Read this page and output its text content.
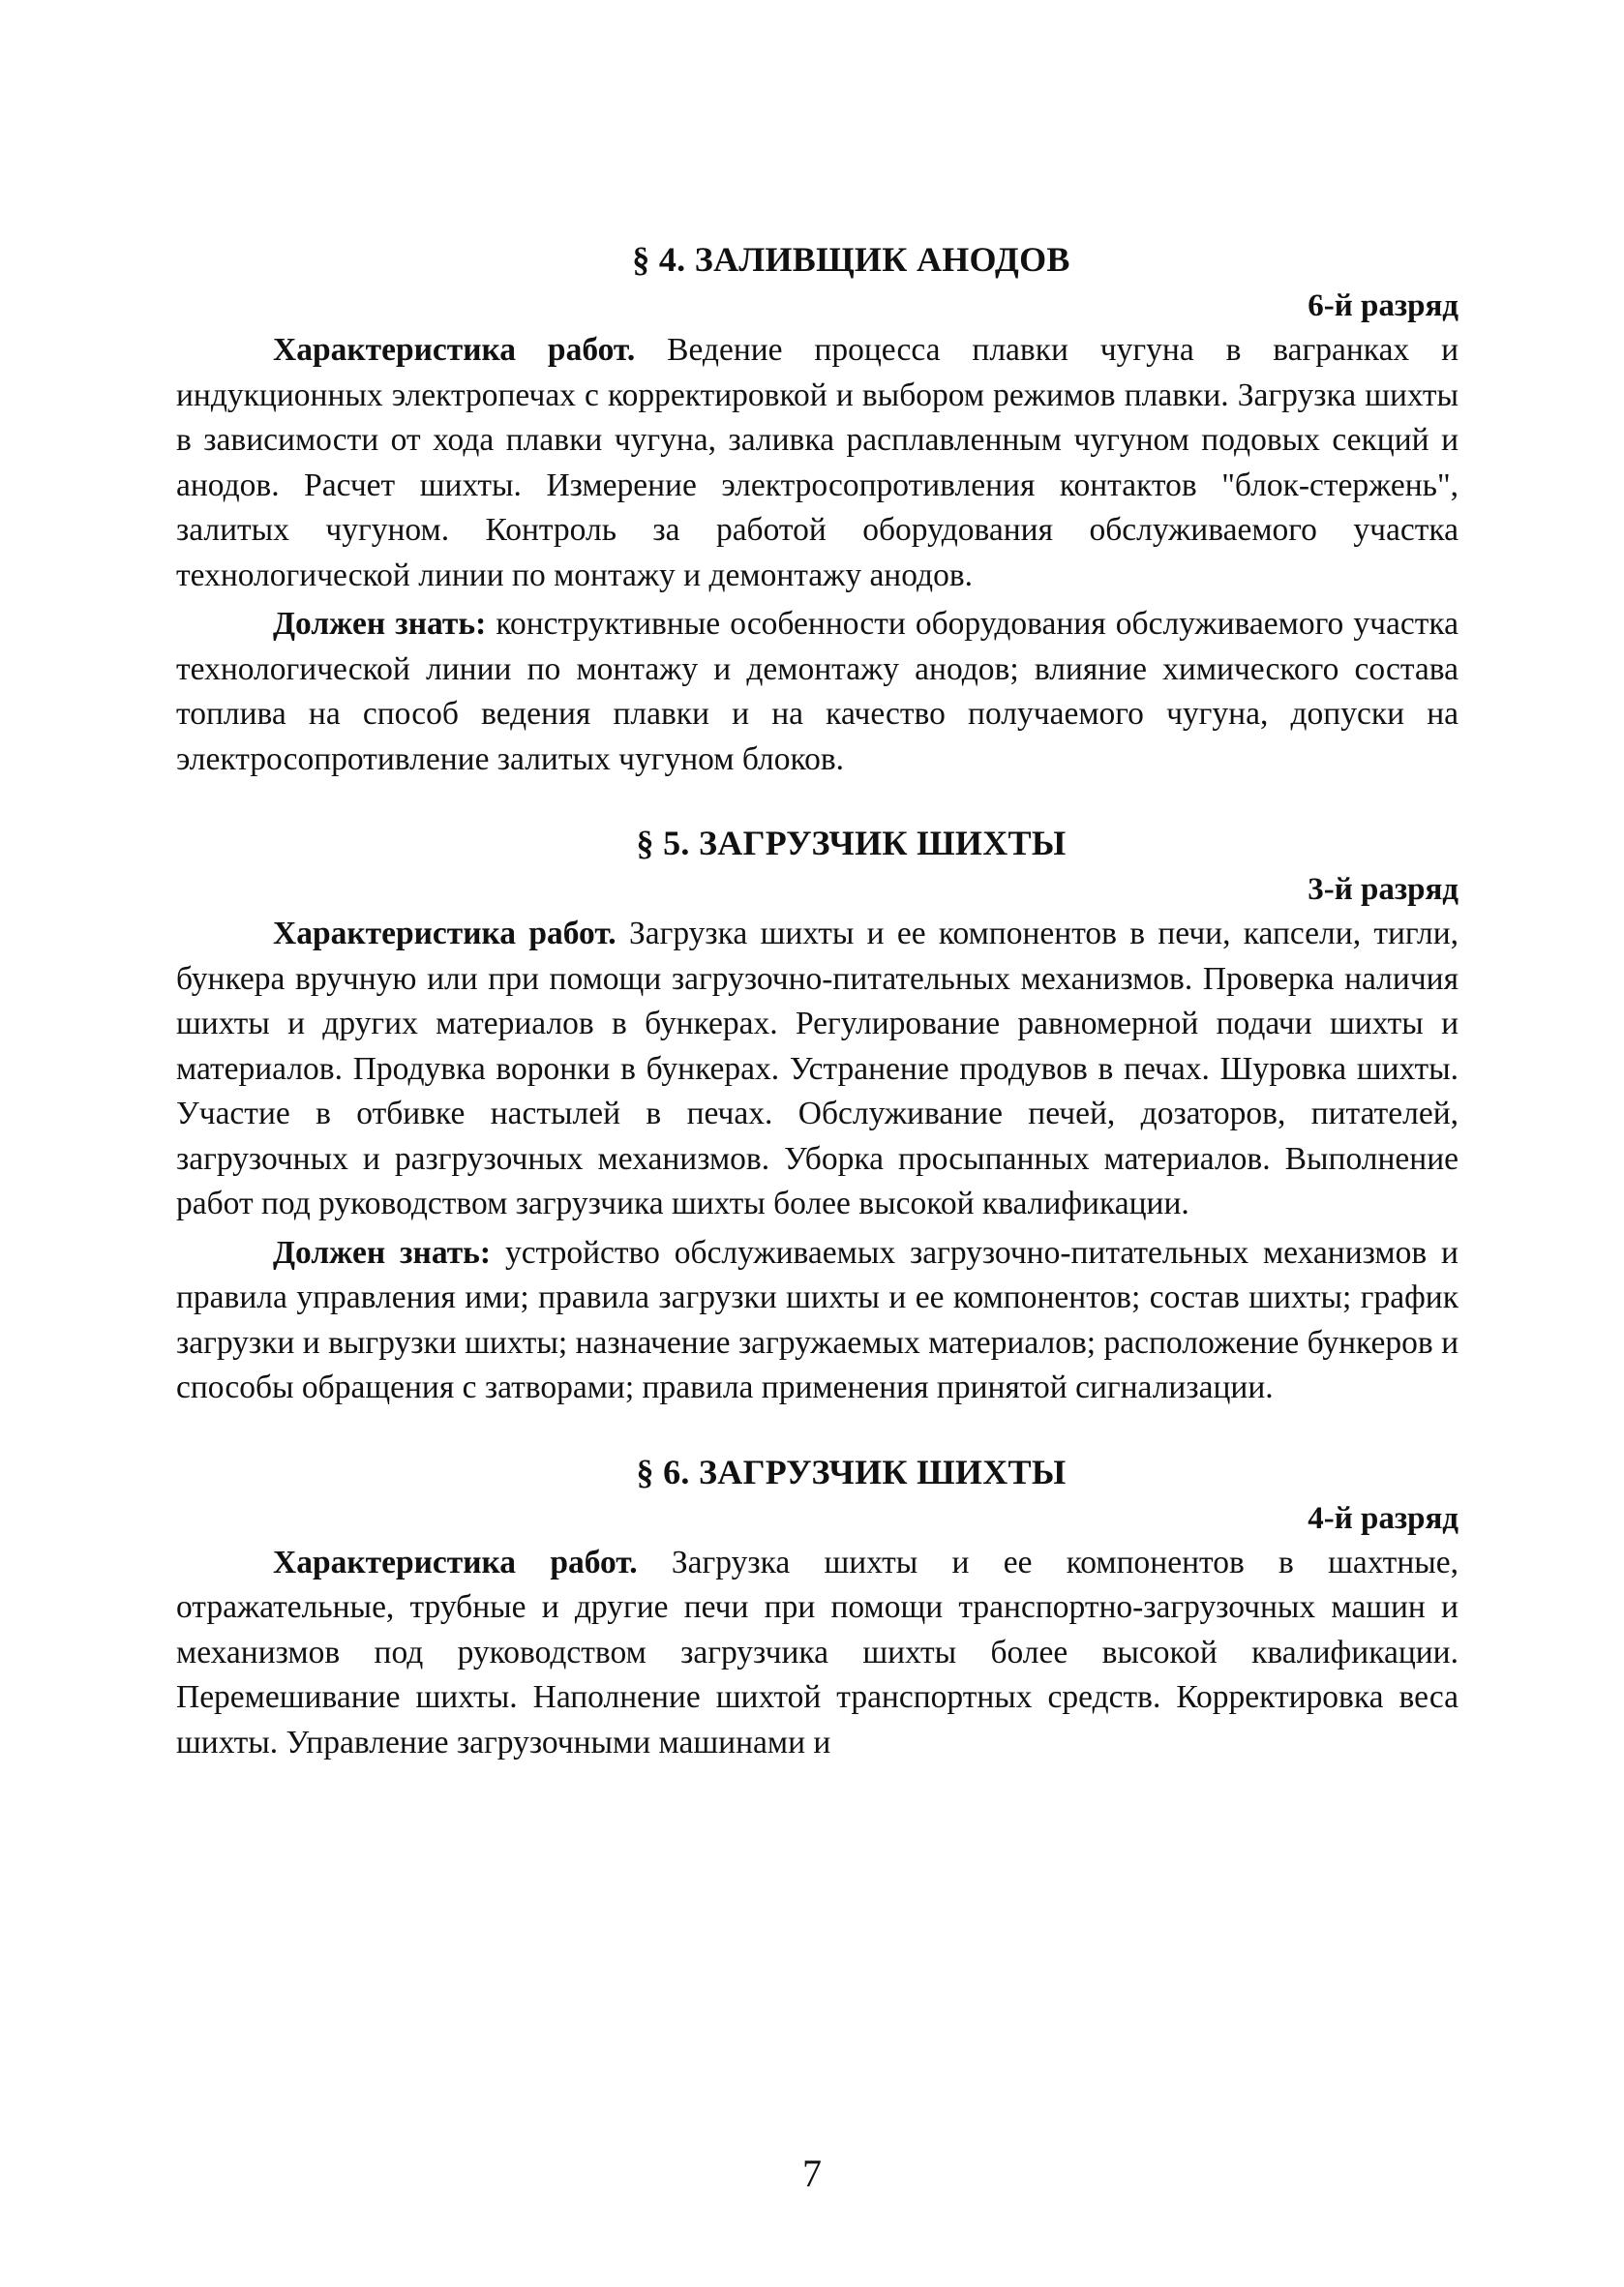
§ 4. ЗАЛИВЩИК АНОДОВ
6-й разряд

Характеристика работ. Ведение процесса плавки чугуна в вагранках и индукционных электропечах с корректировкой и выбором режимов плавки. Загрузка шихты в зависимости от хода плавки чугуна, заливка расплавленным чугуном подовых секций и анодов. Расчет шихты. Измерение электросопротивления контактов "блок-стержень", залитых чугуном. Контроль за работой оборудования обслуживаемого участка технологической линии по монтажу и демонтажу анодов.

Должен знать: конструктивные особенности оборудования обслуживаемого участка технологической линии по монтажу и демонтажу анодов; влияние химического состава топлива на способ ведения плавки и на качество получаемого чугуна, допуски на электросопротивление залитых чугуном блоков.

§ 5. ЗАГРУЗЧИК ШИХТЫ
3-й разряд

Характеристика работ. Загрузка шихты и ее компонентов в печи, капсели, тигли, бункера вручную или при помощи загрузочно-питательных механизмов. Проверка наличия шихты и других материалов в бункерах. Регулирование равномерной подачи шихты и материалов. Продувка воронки в бункерах. Устранение продувов в печах. Шуровка шихты. Участие в отбивке настылей в печах. Обслуживание печей, дозаторов, питателей, загрузочных и разгрузочных механизмов. Уборка просыпанных материалов. Выполнение работ под руководством загрузчика шихты более высокой квалификации.

Должен знать: устройство обслуживаемых загрузочно-питательных механизмов и правила управления ими; правила загрузки шихты и ее компонентов; состав шихты; график загрузки и выгрузки шихты; назначение загружаемых материалов; расположение бункеров и способы обращения с затворами; правила применения принятой сигнализации.

§ 6. ЗАГРУЗЧИК ШИХТЫ
4-й разряд

Характеристика работ. Загрузка шихты и ее компонентов в шахтные, отражательные, трубные и другие печи при помощи транспортно-загрузочных машин и механизмов под руководством загрузчика шихты более высокой квалификации. Перемешивание шихты. Наполнение шихтой транспортных средств. Корректировка веса шихты. Управление загрузочными машинами и

7
